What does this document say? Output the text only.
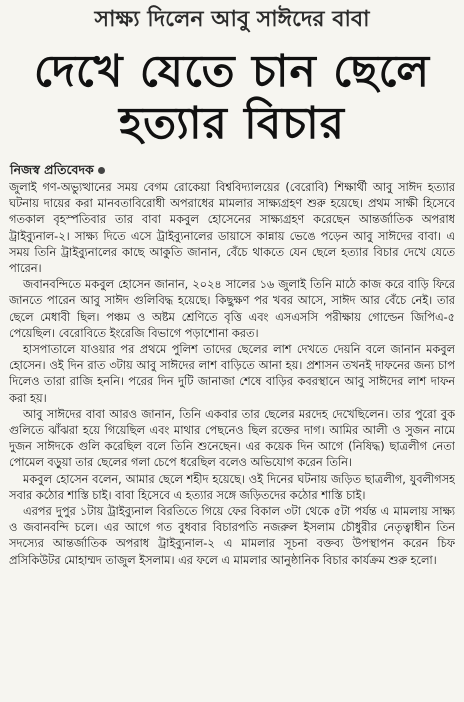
সাক্ষ্য দিলেন আবু সাঈদের বাবা
দেখে যেতে চান ছেলে
হত্যার বিচার
নিজস্ব প্রতিবেদক

জুলাই গণ-অভ্যুত্থানের সময় বেগম রোকেয়া বিশ্ববিদ্যালয়ের (বেরোবি) শিক্ষার্থী আবু সাঈদ হত্যার ঘটনায় দায়ের করা মানবতাবিরোধী অপরাধের মামলার সাক্ষ্যগ্রহণ শুরু হয়েছে। প্রথম সাক্ষী হিসেবে গতকাল বৃহস্পতিবার তার বাবা মকবুল হোসেনের সাক্ষ্যগ্রহণ করেছেন আন্তর্জাতিক অপরাধ ট্রাইব্যুনাল-২। সাক্ষ্য দিতে এসে ট্রাইব্যুনালের ডায়াসে কান্নায় ভেঙে পড়েন আবু সাঈদের বাবা। এ সময় তিনি ট্রাইব্যুনালের কাছে আকুতি জানান, বেঁচে থাকতে যেন ছেলে হত্যার বিচার দেখে যেতে পারেন।

জবানবন্দিতে মকবুল হোসেন জানান, ২০২৪ সালের ১৬ জুলাই তিনি মাঠে কাজ করে বাড়ি ফিরে জানতে পারেন আবু সাঈদ গুলিবিদ্ধ হয়েছে। কিছুক্ষণ পর খবর আসে, সাঈদ আর বেঁচে নেই। তার ছেলে মেধাবী ছিল। পঞ্চম ও অষ্টম শ্রেণিতে বৃত্তি এবং এসএসসি পরীক্ষায় গোল্ডেন জিপিএ-৫ পেয়েছিল। বেরোবিতে ইংরেজি বিভাগে পড়াশোনা করত।

হাসপাতালে যাওয়ার পর প্রথমে পুলিশ তাদের ছেলের লাশ দেখতে দেয়নি বলে জানান মকবুল হোসেন। ওই দিন রাত ৩টায় আবু সাঈদের লাশ বাড়িতে আনা হয়। প্রশাসন তখনই দাফনের জন্য চাপ দিলেও তারা রাজি হননি। পরের দিন দুটি জানাজা শেষে বাড়ির কবরস্থানে আবু সাঈদের লাশ দাফন করা হয়।

আবু সাঈদের বাবা আরও জানান, তিনি একবার তার ছেলের মরদেহ দেখেছিলেন। তার পুরো বুক গুলিতে ঝাঁঝরা হয়ে গিয়েছিল এবং মাথার পেছনেও ছিল রক্তের দাগ। আমির আলী ও সুজন নামে দুজন সাঈদকে গুলি করেছিল বলে তিনি শুনেছেন। এর কয়েক দিন আগে (নিষিদ্ধ) ছাত্রলীগ নেতা পোমেল বড়ুয়া তার ছেলের গলা চেপে ধরেছিল বলেও অভিযোগ করেন তিনি।

মকবুল হোসেন বলেন, আমার ছেলে শহীদ হয়েছে। ওই দিনের ঘটনায় জড়িত ছাত্রলীগ, যুবলীগসহ সবার কঠোর শাস্তি চাই। বাবা হিসেবে এ হত্যার সঙ্গে জড়িতদের কঠোর শাস্তি চাই।

এরপর দুপুর ১টায় ট্রাইব্যুনাল বিরতিতে গিয়ে ফের বিকাল ৩টা থেকে ৫টা পর্যন্ত এ মামলায় সাক্ষ্য ও জবানবন্দি চলে। এর আগে গত বুধবার বিচারপতি নজরুল ইসলাম চৌধুরীর নেতৃত্বাধীন তিন সদস্যের আন্তর্জাতিক অপরাধ ট্রাইব্যুনাল-২ এ মামলার সূচনা বক্তব্য উপস্থাপন করেন চিফ প্রসিকিউটর মোহাম্মদ তাজুল ইসলাম। এর ফলে এ মামলার আনুষ্ঠানিক বিচার কার্যক্রম শুরু হলো।
